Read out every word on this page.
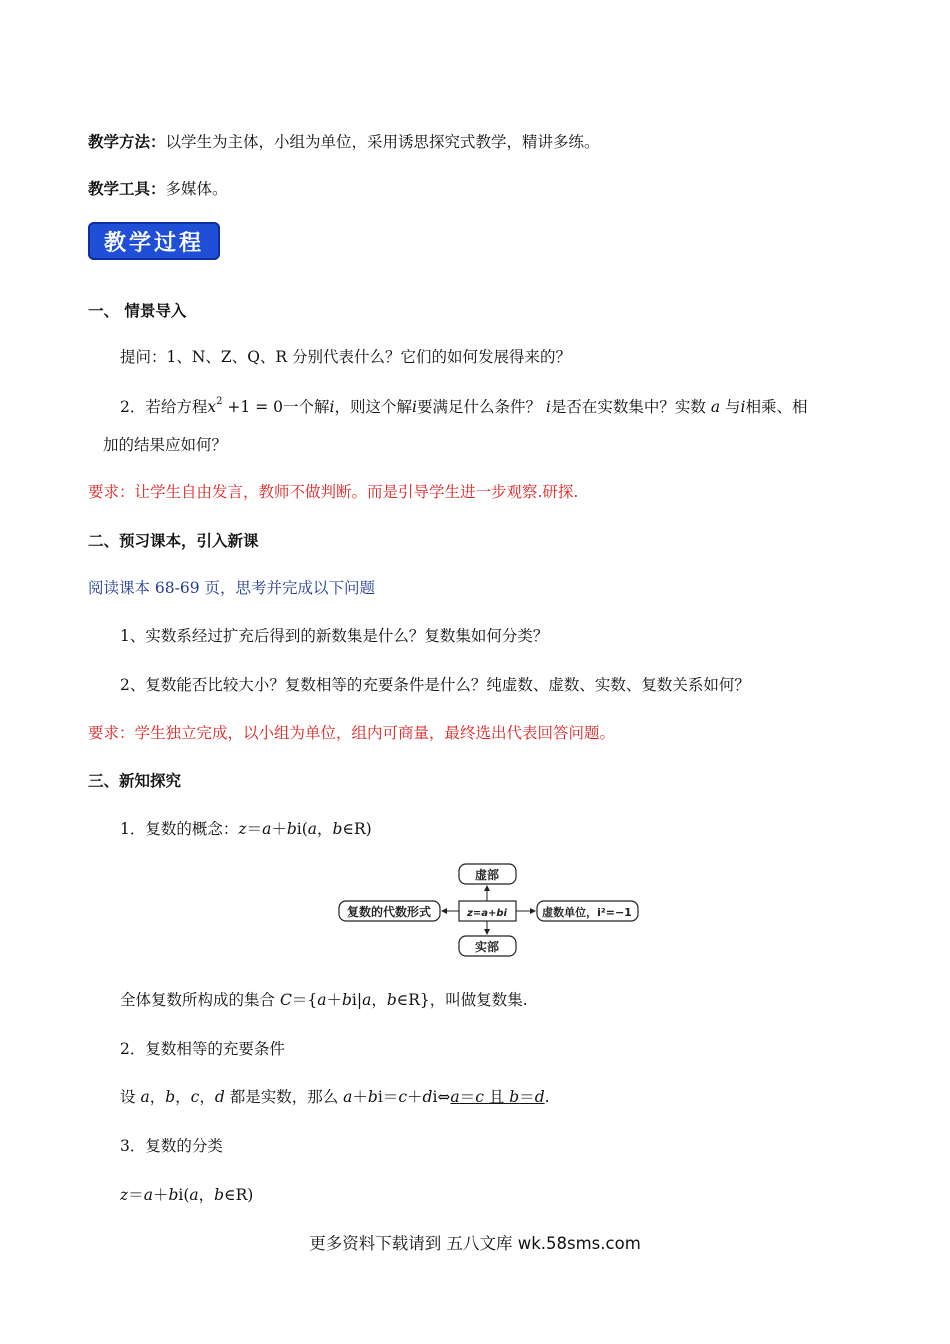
教学方法：以学生为主体，小组为单位，采用诱思探究式教学，精讲多练。
教学工具：多媒体。
教学过程
一、 情景导入
提问：1、N、Z、Q、R 分别代表什么？它们的如何发展得来的？
2．若给方程$x^2 +1 = 0$一个解i，则这个解i要满足什么条件？ i是否在实数集中？实数 a 与i相乘、相
加的结果应如何？
要求：让学生自由发言，教师不做判断。而是引导学生进一步观察.研探.
二、预习课本，引入新课
阅读课本 68-69 页，思考并完成以下问题
1、实数系经过扩充后得到的新数集是什么？复数集如何分类？
2、复数能否比较大小？复数相等的充要条件是什么？纯虚数、虚数、实数、复数关系如何？
要求：学生独立完成，以小组为单位，组内可商量，最终选出代表回答问题。
三、新知探究
1．复数的概念：z＝a＋bi(a，b∈R)
虚部
复数的代数形式	z=a+bi	虚数单位，i²=−1
实部
全体复数所构成的集合 C＝{a＋bi|a，b∈R}，叫做复数集.
2．复数相等的充要条件
设 a，b，c，d 都是实数，那么 a＋bi＝c＋di⇔a＝c 且 b＝d.
3．复数的分类
z＝a＋bi(a，b∈R)
更多资料下载请到 五八文库 wk.58sms.com
